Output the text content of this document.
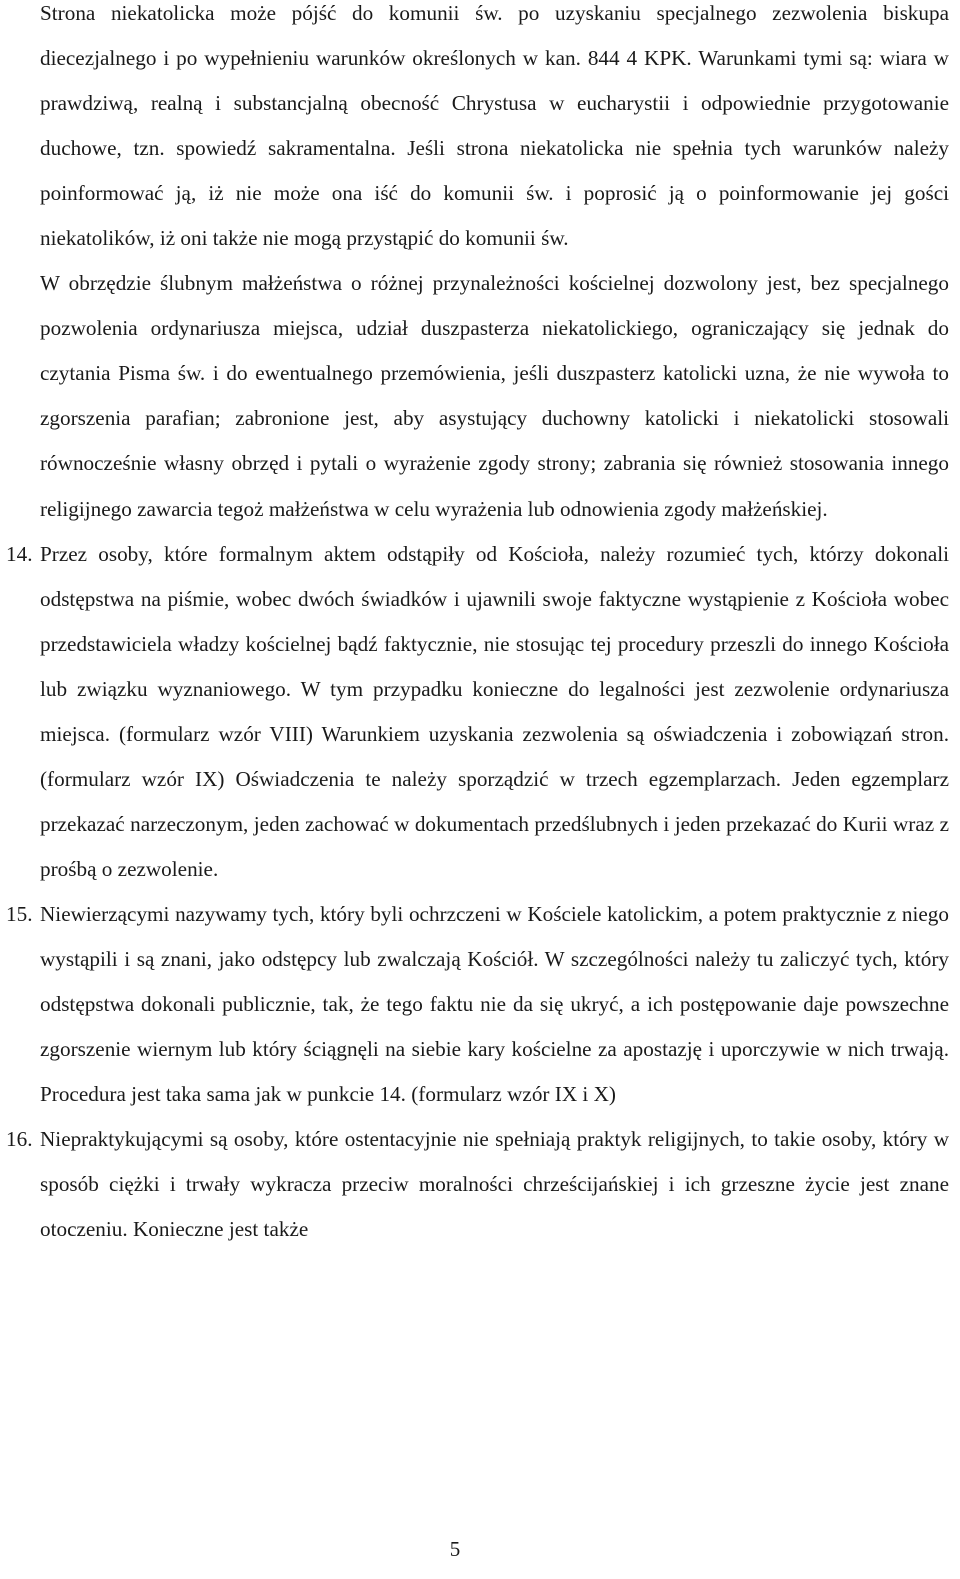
Strona niekatolicka może pójść do komunii św. po uzyskaniu specjalnego zezwolenia biskupa diecezjalnego i po wypełnieniu warunków określonych w kan. 844 4 KPK. Warunkami tymi są: wiara w prawdziwą, realną i substancjalną obecność Chrystusa w eucharystii i odpowiednie przygotowanie duchowe, tzn. spowiedź sakramentalna. Jeśli strona niekatolicka nie spełnia tych warunków należy poinformować ją, iż nie może ona iść do komunii św. i poprosić ją o poinformowanie jej gości niekatolików, iż oni także nie mogą przystąpić do komunii św.

W obrzędzie ślubnym małżeństwa o różnej przynależności kościelnej dozwolony jest, bez specjalnego pozwolenia ordynariusza miejsca, udział duszpasterza niekatolickiego, ograniczający się jednak do czytania Pisma św. i do ewentualnego przemówienia, jeśli duszpasterz katolicki uzna, że nie wywoła to zgorszenia parafian; zabronione jest, aby asystujący duchowny katolicki i niekatolicki stosowali równocześnie własny obrzęd i pytali o wyrażenie zgody strony; zabrania się również stosowania innego religijnego zawarcia tegoż małżeństwa w celu wyrażenia lub odnowienia zgody małżeńskiej.

14. Przez osoby, które formalnym aktem odstąpiły od Kościoła, należy rozumieć tych, którzy dokonali odstępstwa na piśmie, wobec dwóch świadków i ujawnili swoje faktyczne wystąpienie z Kościoła wobec przedstawiciela władzy kościelnej bądź faktycznie, nie stosując tej procedury przeszli do innego Kościoła lub związku wyznaniowego. W tym przypadku konieczne do legalności jest zezwolenie ordynariusza miejsca. (formularz wzór VIII) Warunkiem uzyskania zezwolenia są oświadczenia i zobowiązań stron. (formularz wzór IX) Oświadczenia te należy sporządzić w trzech egzemplarzach. Jeden egzemplarz przekazać narzeczonym, jeden zachować w dokumentach przedślubnych i jeden przekazać do Kurii wraz z prośbą o zezwolenie.

15. Niewierzącymi nazywamy tych, który byli ochrzczeni w Kościele katolickim, a potem praktycznie z niego wystąpili i są znani, jako odstępcy lub zwalczają Kościół. W szczególności należy tu zaliczyć tych, który odstępstwa dokonali publicznie, tak, że tego faktu nie da się ukryć, a ich postępowanie daje powszechne zgorszenie wiernym lub który ściągnęli na siebie kary kościelne za apostazję i uporczywie w nich trwają. Procedura jest taka sama jak w punkcie 14. (formularz wzór IX i X)

16. Niepraktykującymi są osoby, które ostentacyjnie nie spełniają praktyk religijnych, to takie osoby, który w sposób ciężki i trwały wykracza przeciw moralności chrześcijańskiej i ich grzeszne życie jest znane otoczeniu. Konieczne jest także

5
